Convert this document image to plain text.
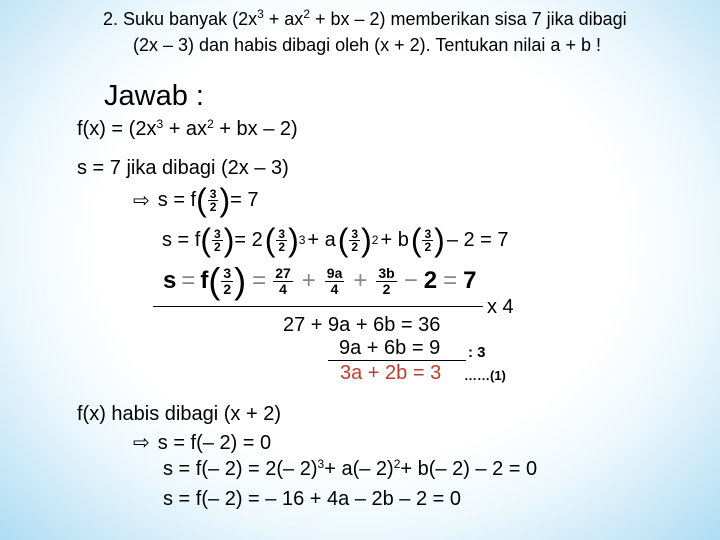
2. Suku banyak ($2x^3 + ax^2$ + bx – 2) memberikan sisa 7 jika dibagi
(2x – 3) dan habis dibagi oleh (x + 2). Tentukan nilai a + b !
Jawab :
$f(x) = (2x^3 + ax^2$ + bx – 2)
s = 7 jika dibagi (2x – 3)
⇨ s = f ( $\frac{3}{2}$ ) = 7
s = f ( $\frac{3}{2}$ ) = 2 ( $\frac{3}{2}$ ) 3 + a ( $\frac{3}{2}$ ) 2 + b ( $\frac{3}{2}$ ) – 2 = 7
s = f ( $\frac{3}{2}$ ) = $\frac{27}{4} + \frac{9a}{4} + \frac{3b}{2} - 2 = 7$
x 4
27 + 9a + 6b = 36
9a + 6b = 9 : 3
3a + 2b = 3 ……(1)
f(x) habis dibagi (x + 2)
⇨ s = f(– 2) = 0
s = f(– 2) = 2(– 2)$^3$+ a(– 2)$^2$+ b(– 2) – 2 = 0
s = f(– 2) = – 16 + 4a – 2b – 2 = 0
